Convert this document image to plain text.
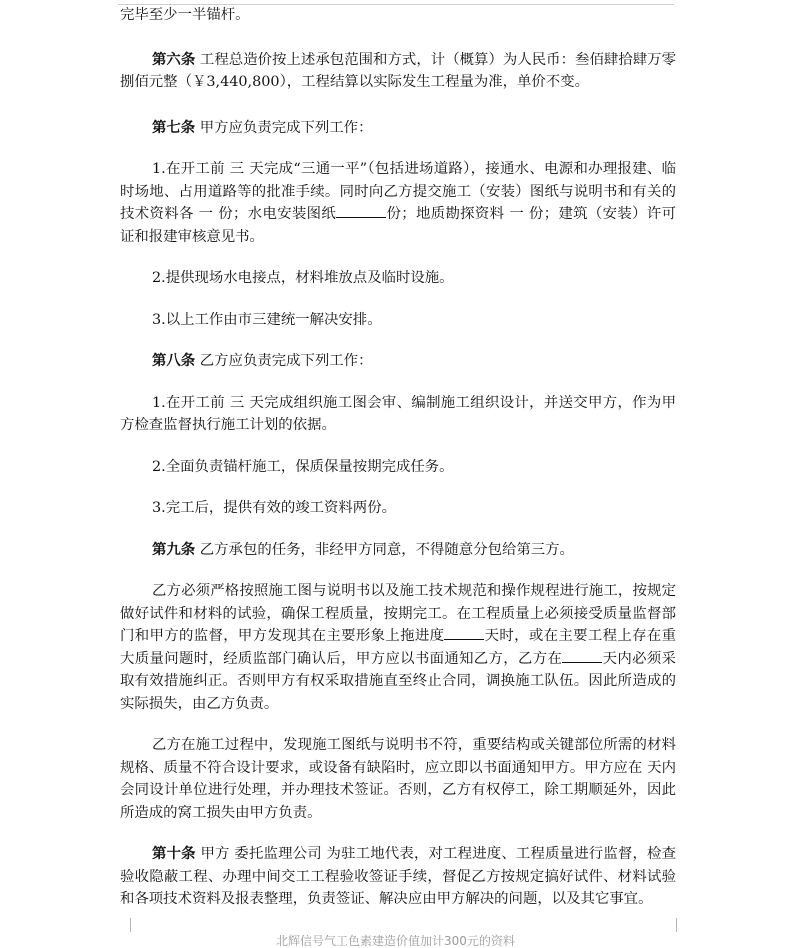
完毕至少一半锚杆。

第六条 工程总造价按上述承包范围和方式，计（概算）为人民币：叁佰肆拾肆万零捌佰元整（￥3,440,800），工程结算以实际发生工程量为准，单价不变。

第七条 甲方应负责完成下列工作：

1.在开工前 三 天完成“三通一平”（包括进场道路），接通水、电源和办理报建、临时场地、占用道路等的批准手续。同时向乙方提交施工（安装）图纸与说明书和有关的技术资料各 一 份；水电安装图纸	份；地质勘探资料 一 份；建筑（安装）许可证和报建审核意见书。

2.提供现场水电接点，材料堆放点及临时设施。

3.以上工作由市三建统一解决安排。

第八条 乙方应负责完成下列工作：

1.在开工前 三 天完成组织施工图会审、编制施工组织设计，并送交甲方，作为甲方检查监督执行施工计划的依据。

2.全面负责锚杆施工，保质保量按期完成任务。

3.完工后，提供有效的竣工资料两份。

第九条 乙方承包的任务，非经甲方同意，不得随意分包给第三方。

乙方必须严格按照施工图与说明书以及施工技术规范和操作规程进行施工，按规定做好试件和材料的试验，确保工程质量，按期完工。在工程质量上必须接受质量监督部门和甲方的监督，甲方发现其在主要形象上拖进度	天时，或在主要工程上存在重大质量问题时，经质监部门确认后，甲方应以书面通知乙方，乙方在	天内必须采取有效措施纠正。否则甲方有权采取措施直至终止合同，调换施工队伍。因此所造成的实际损失，由乙方负责。

乙方在施工过程中，发现施工图纸与说明书不符，重要结构或关键部位所需的材料规格、质量不符合设计要求，或设备有缺陷时，应立即以书面通知甲方。甲方应在 天内会同设计单位进行处理，并办理技术签证。否则，乙方有权停工，除工期顺延外，因此所造成的窝工损失由甲方负责。

第十条 甲方 委托监理公司 为驻工地代表，对工程进度、工程质量进行监督，检查验收隐蔽工程、办理中间交工工程验收签证手续，督促乙方按规定搞好试件、材料试验和各项技术资料及报表整理，负责签证、解决应由甲方解决的问题，以及其它事宜。

北辉信号气工色素建造价值加计300元的资料
